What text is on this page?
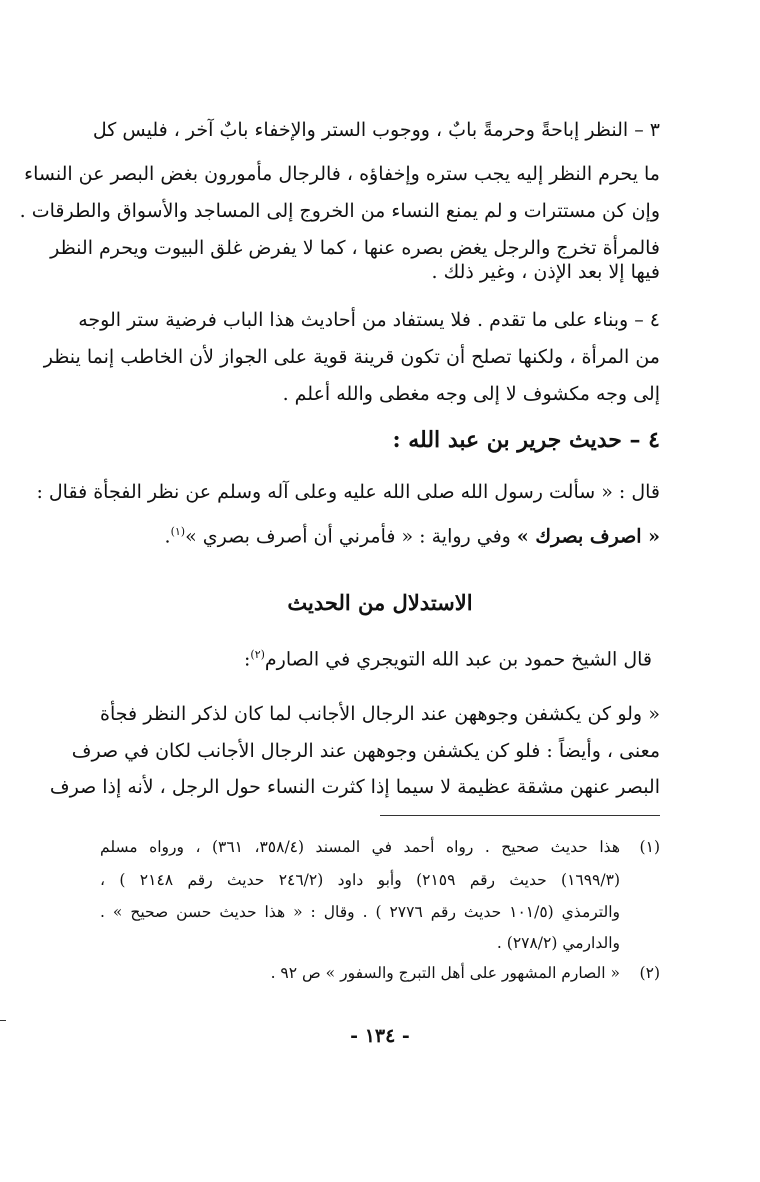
٣ – النظر إباحةً وحرمةً بابٌ ، ووجوب الستر والإخفاء بابٌ آخر ، فليس كل
ما يحرم النظر إليه يجب ستره وإخفاؤه ، فالرجال مأمورون بغض البصر عن النساء
وإن كن مستترات و لم يمنع النساء من الخروج إلى المساجد والأسواق والطرقات .
فالمرأة تخرج والرجل يغض بصره عنها ، كما لا يفرض غلق البيوت ويحرم النظر
فيها إلا بعد الإذن ، وغير ذلك .
٤ – وبناء على ما تقدم . فلا يستفاد من أحاديث هذا الباب فرضية ستر الوجه
من المرأة ، ولكنها تصلح أن تكون قرينة قوية على الجواز لأن الخاطب إنما ينظر
إلى وجه مكشوف لا إلى وجه مغطى والله أعلم .
٤ – حديث جرير بن عبد الله :
قال : « سألت رسول الله صلى الله عليه وعلى آله وسلم عن نظر الفجأة فقال :
« اصرف بصرك » وفي رواية : « فأمرني أن أصرف بصري »$^{(١)}$.
الاستدلال من الحديث
قال الشيخ حمود بن عبد الله التويجري في الصارم$^{(٢)}$:
« ولو كن يكشفن وجوههن عند الرجال الأجانب لما كان لذكر النظر فجأة
معنى ، وأيضاً : فلو كن يكشفن وجوههن عند الرجال الأجانب لكان في صرف
البصر عنهن مشقة عظيمة لا سيما إذا كثرت النساء حول الرجل ، لأنه إذا صرف
(١)
هذا حديث صحيح . رواه أحمد في المسند (٣٥٨/٤، ٣٦١) ، ورواه مسلم
(١٦٩٩/٣) حديث رقم ٢١٥٩) وأبو داود (٢٤٦/٢ حديث رقم ٢١٤٨ ) ،
والترمذي (١٠١/٥ حديث رقم ٢٧٧٦ ) . وقال : « هذا حديث حسن صحيح » .
والدارمي (٢٧٨/٢) .
(٢)
« الصارم المشهور على أهل التبرج والسفور » ص ٩٢ .
- ١٣٤ -
